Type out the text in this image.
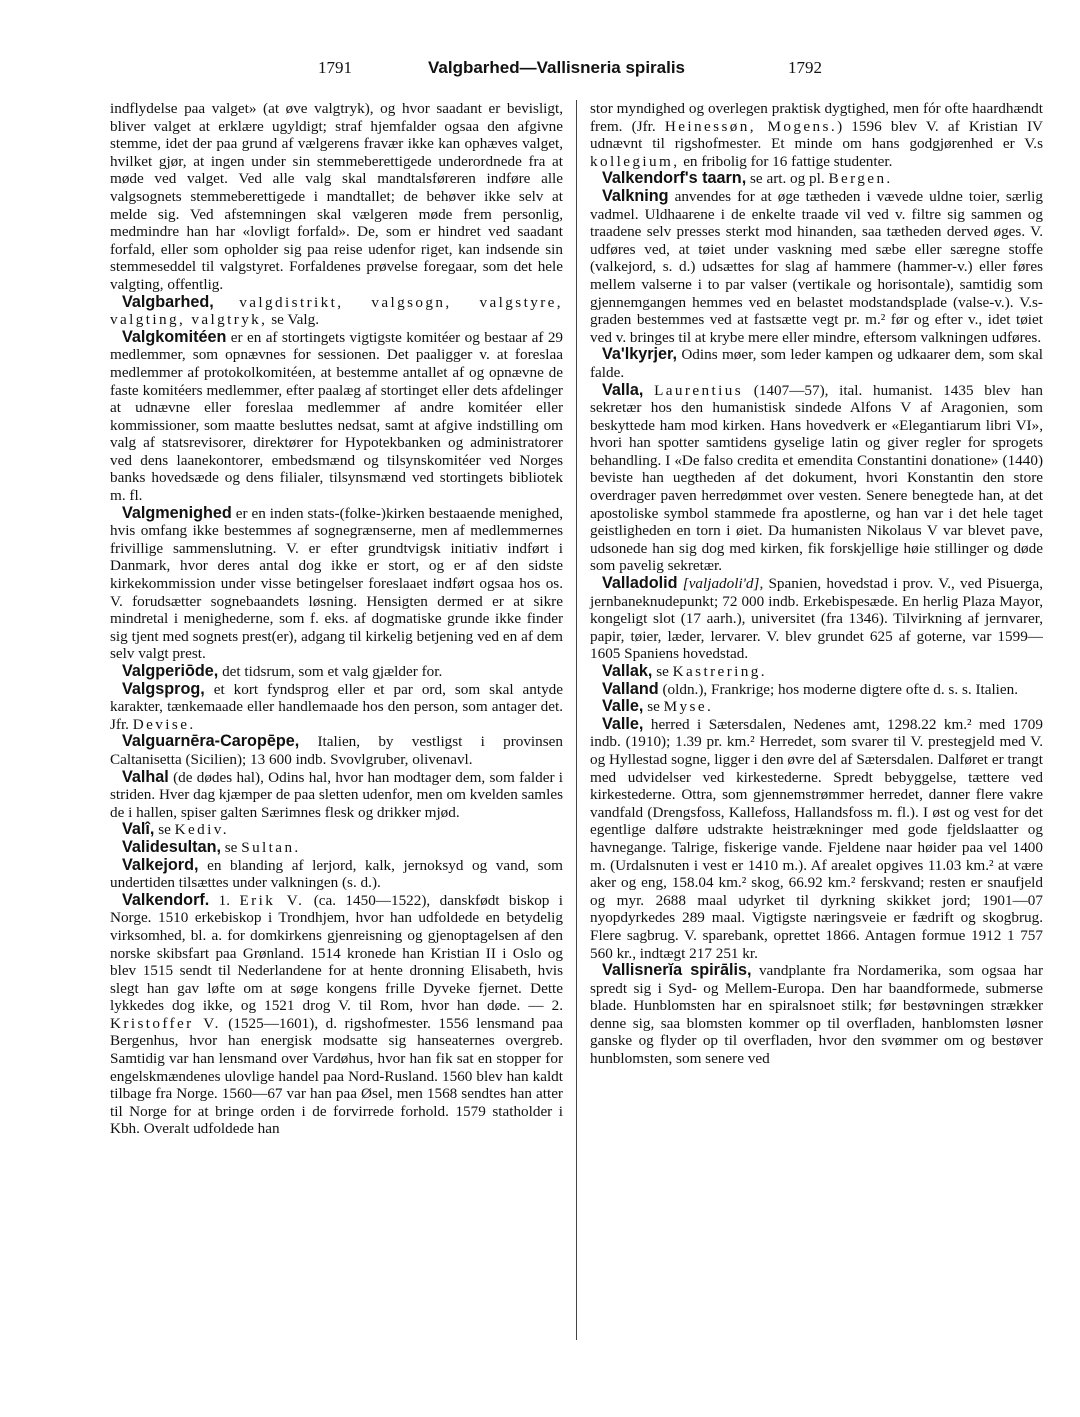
1791	Valgbarhed—Vallisneria spiralis	1792

indflydelse paa valget» (at øve valgtryk), og hvor saadant er bevisligt, bliver valget at erklære ugyldigt; straf hjemfalder ogsaa den afgivne stemme, idet der paa grund af vælgerens fravær ikke kan ophæves valget, hvilket gjør, at ingen under sin stemmeberettigede underordnede fra at møde ved valget. Ved alle valg skal mandtalsføreren indføre alle valgsognets stemmeberettigede i mandtallet; de behøver ikke selv at melde sig. Ved afstemningen skal vælgeren møde frem personlig, medmindre han har «lovligt forfald». De, som er hindret ved saadant forfald, eller som opholder sig paa reise udenfor riget, kan indsende sin stemmeseddel til valgstyret. Forfaldenes prøvelse foregaar, som det hele valgting, offentlig.

Valgbarhed, valgdistrikt, valgsogn, valgstyre, valgting, valgtryk, se Valg.

Valgkomitéen er en af stortingets vigtigste komitéer og bestaar af 29 medlemmer, som opnævnes for sessionen. Det paaligger v. at foreslaa medlemmer af protokolkomitéen, at bestemme antallet af og opnævne de faste komitéers medlemmer, efter paalæg af stortinget eller dets afdelinger at udnævne eller foreslaa medlemmer af andre komitéer eller kommissioner, som maatte besluttes nedsat, samt at afgive indstilling om valg af statsrevisorer, direktører for Hypotekbanken og administratorer ved dens laanekontorer, embedsmænd og tilsynskomitéer ved Norges banks hovedsæde og dens filialer, tilsynsmænd ved stortingets bibliotek m. fl.

Valgmenighed er en inden stats-(folke-)kirken bestaaende menighed, hvis omfang ikke bestemmes af sognegrænserne, men af medlemmernes frivillige sammenslutning. V. er efter grundtvigsk initiativ indført i Danmark, hvor deres antal dog ikke er stort, og er af den sidste kirkekommission under visse betingelser foreslaaet indført ogsaa hos os. V. forudsætter sognebaandets løsning. Hensigten dermed er at sikre mindretal i menighederne, som f. eks. af dogmatiske grunde ikke finder sig tjent med sognets prest(er), adgang til kirkelig betjening ved en af dem selv valgt prest.

Valgperiōde, det tidsrum, som et valg gjælder for.

Valgsprog, et kort fyndsprog eller et par ord, som skal antyde karakter, tænkemaade eller handlemaade hos den person, som antager det. Jfr. Devise.

Valguarnēra-Caropēpe, Italien, by vestligst i provinsen Caltanisetta (Sicilien); 13 600 indb. Svovlgruber, olivenavl.

Valhal (de dødes hal), Odins hal, hvor han modtager dem, som falder i striden. Hver dag kjæmper de paa sletten udenfor, men om kvelden samles de i hallen, spiser galten Særimnes flesk og drikker mjød.

Valî, se Kediv.

Validesultan, se Sultan.

Valkejord, en blanding af lerjord, kalk, jernoksyd og vand, som undertiden tilsættes under valkningen (s. d.).

Valkendorf. 1. Erik V. (ca. 1450—1522), danskfødt biskop i Norge. 1510 erkebiskop i Trondhjem, hvor han udfoldede en betydelig virksomhed, bl. a. for domkirkens gjenreisning og gjenoptagelsen af den norske skibsfart paa Grønland. 1514 kronede han Kristian II i Oslo og blev 1515 sendt til Nederlandene for at hente dronning Elisabeth, hvis slegt han gav løfte om at søge kongens frille Dyveke fjernet. Dette lykkedes dog ikke, og 1521 drog V. til Rom, hvor han døde. — 2. Kristoffer V. (1525—1601), d. rigshofmester. 1556 lensmand paa Bergenhus, hvor han energisk modsatte sig hanseaternes overgreb. Samtidig var han lensmand over Vardøhus, hvor han fik sat en stopper for engelskmændenes ulovlige handel paa Nord-Rusland. 1560 blev han kaldt tilbage fra Norge. 1560—67 var han paa Øsel, men 1568 sendtes han atter til Norge for at bringe orden i de forvirrede forhold. 1579 statholder i Kbh. Overalt udfoldede han

stor myndighed og overlegen praktisk dygtighed, men fór ofte haardhændt frem. (Jfr. Heinessøn, Mogens.) 1596 blev V. af Kristian IV udnævnt til rigshofmester. Et minde om hans godgjørenhed er V.s kollegium, en fribolig for 16 fattige studenter.

Valkendorf's taarn, se art. og pl. Bergen.

Valkning anvendes for at øge tætheden i vævede uldne toier, særlig vadmel. Uldhaarene i de enkelte traade vil ved v. filtre sig sammen og traadene selv presses sterkt mod hinanden, saa tætheden derved øges. V. udføres ved, at tøiet under vaskning med sæbe eller særegne stoffe (valkejord, s. d.) udsættes for slag af hammere (hammer-v.) eller føres mellem valserne i to par valser (vertikale og horisontale), samtidig som gjennemgangen hemmes ved en belastet modstandsplade (valse-v.). V.s-graden bestemmes ved at fastsætte vegt pr. m.² før og efter v., idet tøiet ved v. bringes til at krybe mere eller mindre, eftersom valkningen udføres.

Va'lkyrjer, Odins møer, som leder kampen og udkaarer dem, som skal falde.

Valla, Laurentius (1407—57), ital. humanist. 1435 blev han sekretær hos den humanistisk sindede Alfons V af Aragonien, som beskyttede ham mod kirken. Hans hovedverk er «Elegantiarum libri VI», hvori han spotter samtidens gyselige latin og giver regler for sprogets behandling. I «De falso credita et emendita Constantini donatione» (1440) beviste han uegtheden af det dokument, hvori Konstantin den store overdrager paven herredømmet over vesten. Senere benegtede han, at det apostoliske symbol stammede fra apostlerne, og han var i det hele taget geistligheden en torn i øiet. Da humanisten Nikolaus V var blevet pave, udsonede han sig dog med kirken, fik forskjellige høie stillinger og døde som pavelig sekretær.

Valladolid [valjadoli'd], Spanien, hovedstad i prov. V., ved Pisuerga, jernbaneknudepunkt; 72 000 indb. Erkebispesæde. En herlig Plaza Mayor, kongeligt slot (17 aarh.), universitet (fra 1346). Tilvirkning af jernvarer, papir, tøier, læder, lervarer. V. blev grundet 625 af goterne, var 1599—1605 Spaniens hovedstad.

Vallak, se Kastrering.

Valland (oldn.), Frankrige; hos moderne digtere ofte d. s. s. Italien.

Valle, se Myse.

Valle, herred i Sætersdalen, Nedenes amt, 1298.22 km.² med 1709 indb. (1910); 1.39 pr. km.² Herredet, som svarer til V. prestegjeld med V. og Hyllestad sogne, ligger i den øvre del af Sætersdalen. Dalføret er trangt med udvidelser ved kirkestederne. Spredt bebyggelse, tættere ved kirkestederne. Ottra, som gjennemstrømmer herredet, danner flere vakre vandfald (Drengsfoss, Kallefoss, Hallandsfoss m. fl.). I øst og vest for det egentlige dalføre udstrakte heistrækninger med gode fjeldslaatter og havnegange. Talrige, fiskerige vande. Fjeldene naar høider paa vel 1400 m. (Urdalsnuten i vest er 1410 m.). Af arealet opgives 11.03 km.² at være aker og eng, 158.04 km.² skog, 66.92 km.² ferskvand; resten er snaufjeld og myr. 2688 maal udyrket til dyrkning skikket jord; 1901—07 nyopdyrkedes 289 maal. Vigtigste næringsveie er fædrift og skogbrug. Flere sagbrug. V. sparebank, oprettet 1866. Antagen formue 1912 1 757 560 kr., indtægt 217 251 kr.

Vallisnerĭa spirālis, vandplante fra Nordamerika, som ogsaa har spredt sig i Syd- og Mellem-Europa. Den har baandformede, submerse blade. Hunblomsten har en spiralsnoet stilk; før bestøvningen strækker denne sig, saa blomsten kommer op til overfladen, hanblomsten løsner ganske og flyder op til overfladen, hvor den svømmer om og bestøver hunblomsten, som senere ved
